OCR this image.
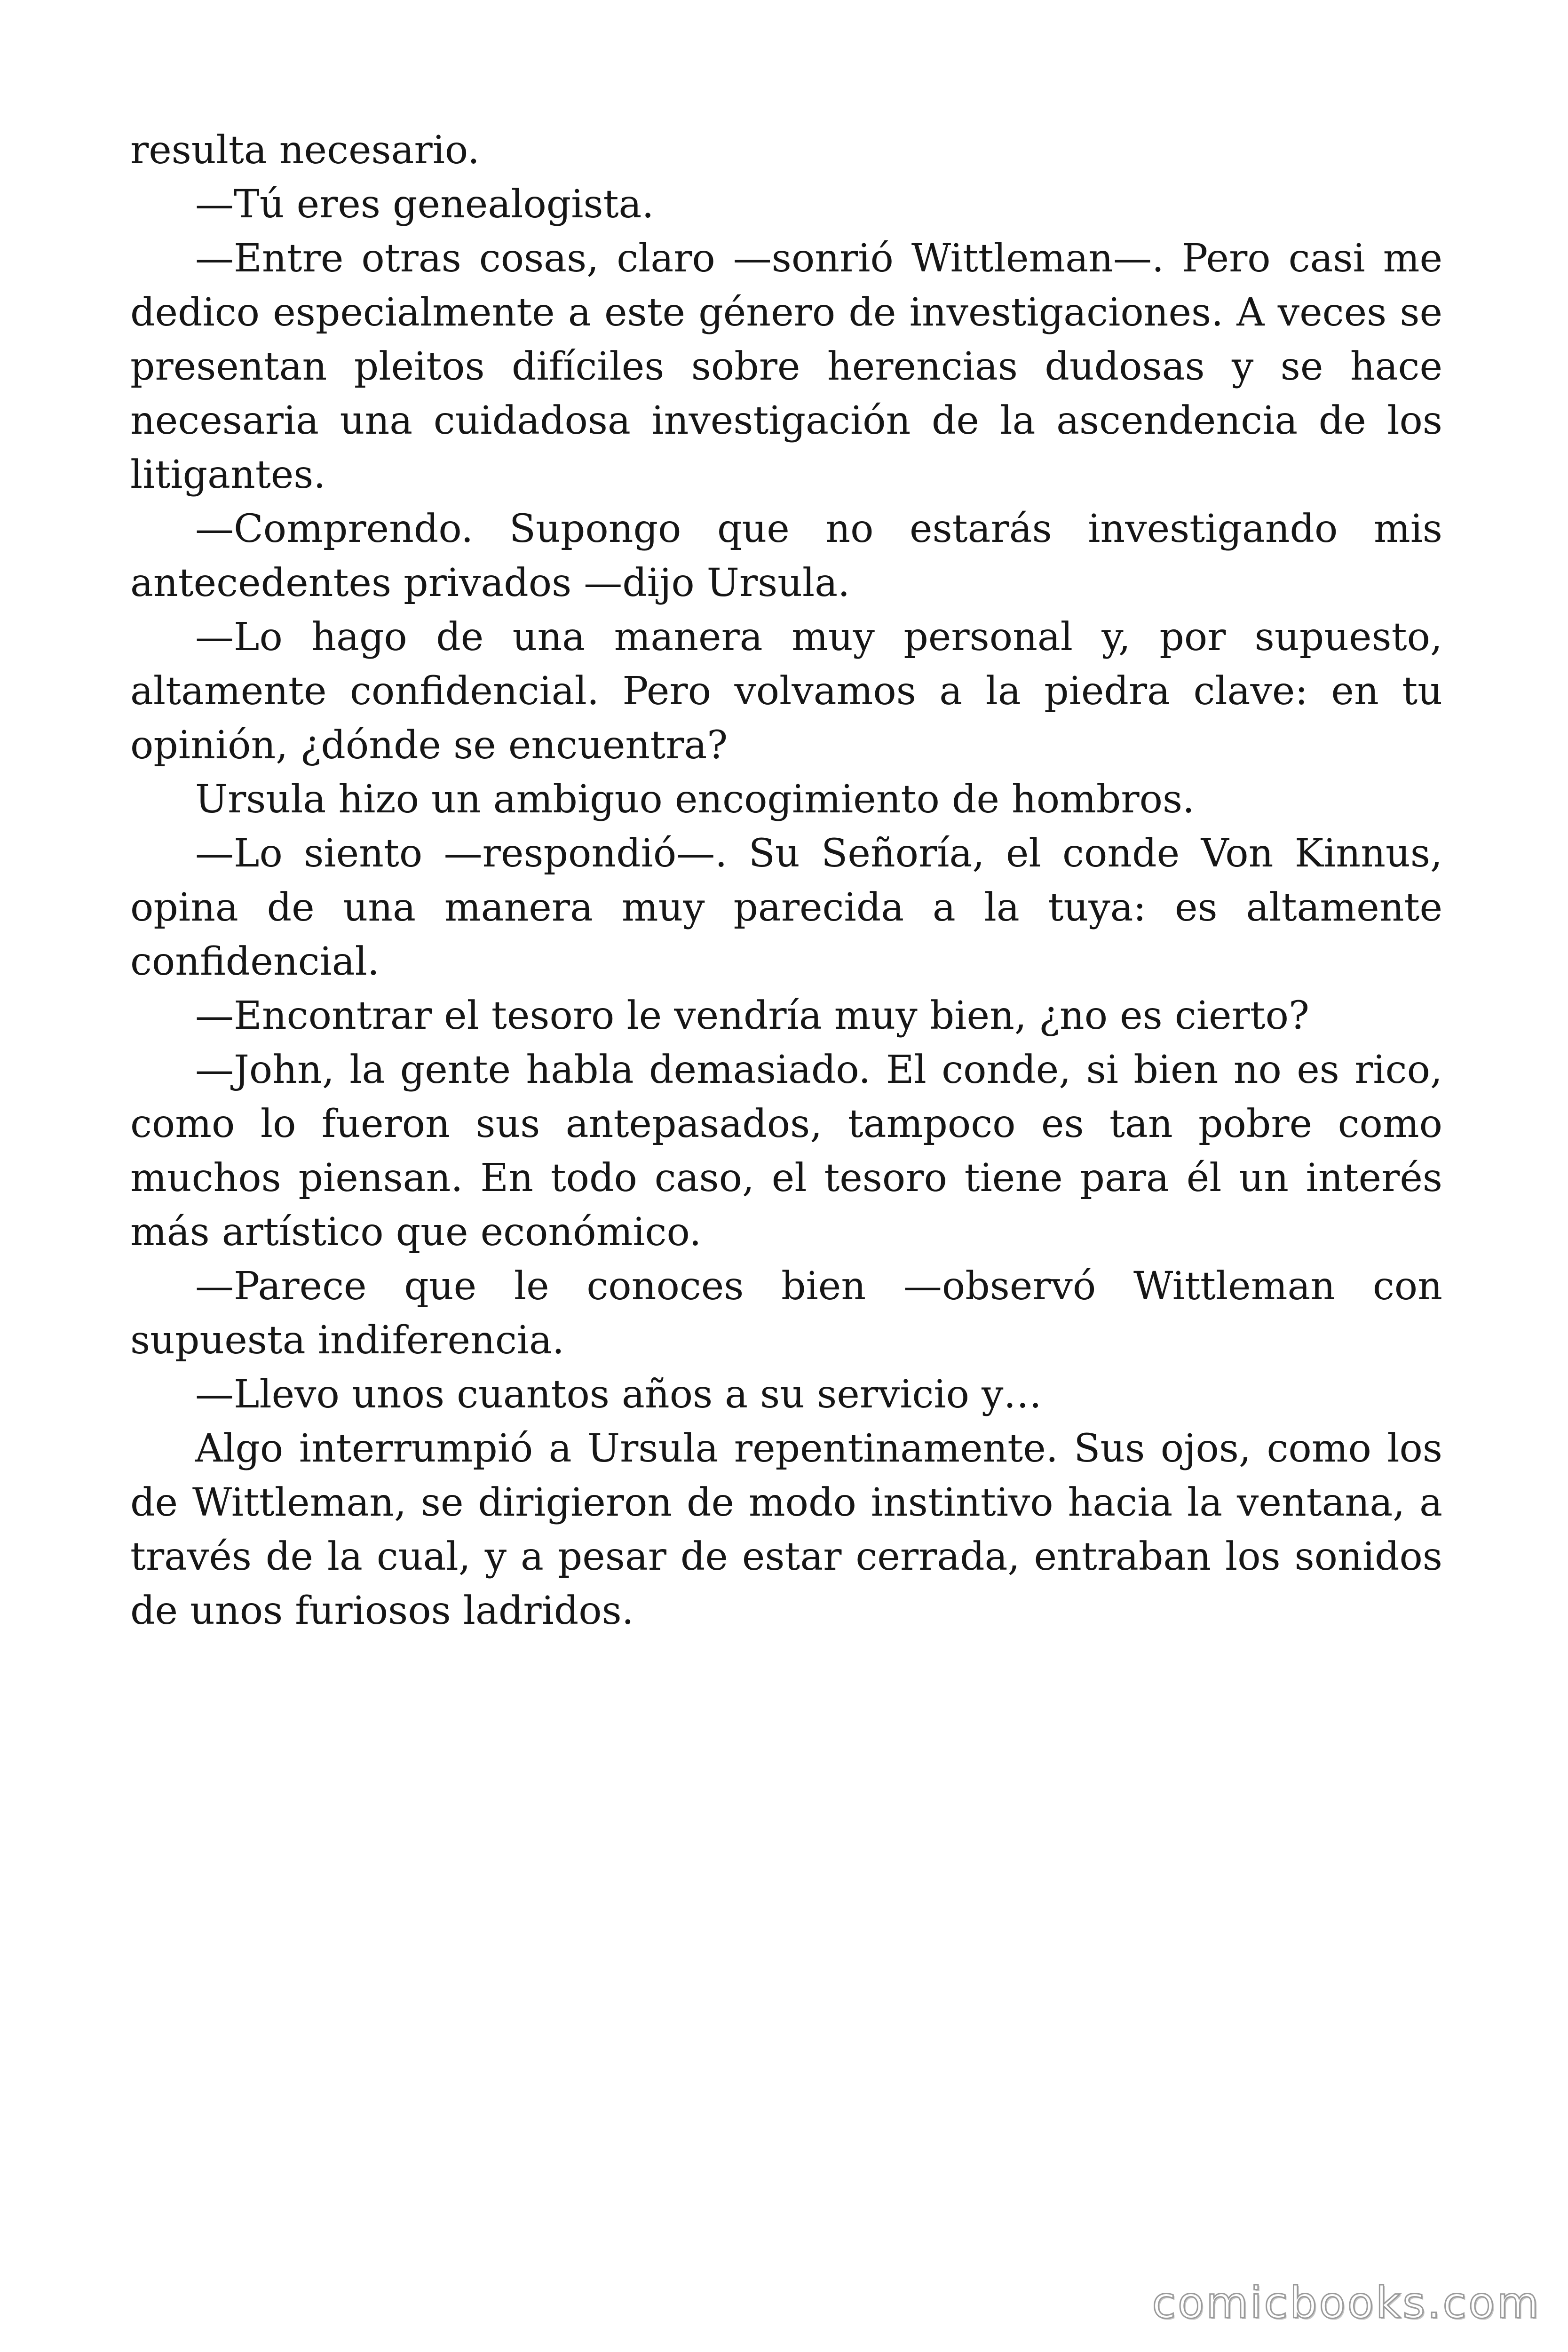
resulta necesario.

—Tú eres genealogista.

—Entre otras cosas, claro —sonrió Wittleman—. Pero casi me dedico especialmente a este género de investigaciones. A veces se presentan pleitos difíciles sobre herencias dudosas y se hace necesaria una cuidadosa investigación de la ascendencia de los litigantes.

—Comprendo. Supongo que no estarás investigando mis antecedentes privados —dijo Ursula.

—Lo hago de una manera muy personal y, por supuesto, altamente confidencial. Pero volvamos a la piedra clave: en tu opinión, ¿dónde se encuentra?

Ursula hizo un ambiguo encogimiento de hombros.

—Lo siento —respondió—. Su Señoría, el conde Von Kinnus, opina de una manera muy parecida a la tuya: es altamente confidencial.

—Encontrar el tesoro le vendría muy bien, ¿no es cierto?

—John, la gente habla demasiado. El conde, si bien no es rico, como lo fueron sus antepasados, tampoco es tan pobre como muchos piensan. En todo caso, el tesoro tiene para él un interés más artístico que económico.

—Parece que le conoces bien —observó Wittleman con supuesta indiferencia.

—Llevo unos cuantos años a su servicio y…

Algo interrumpió a Ursula repentinamente. Sus ojos, como los de Wittleman, se dirigieron de modo instintivo hacia la ventana, a través de la cual, y a pesar de estar cerrada, entraban los sonidos de unos furiosos ladridos.

comicbooks.com
